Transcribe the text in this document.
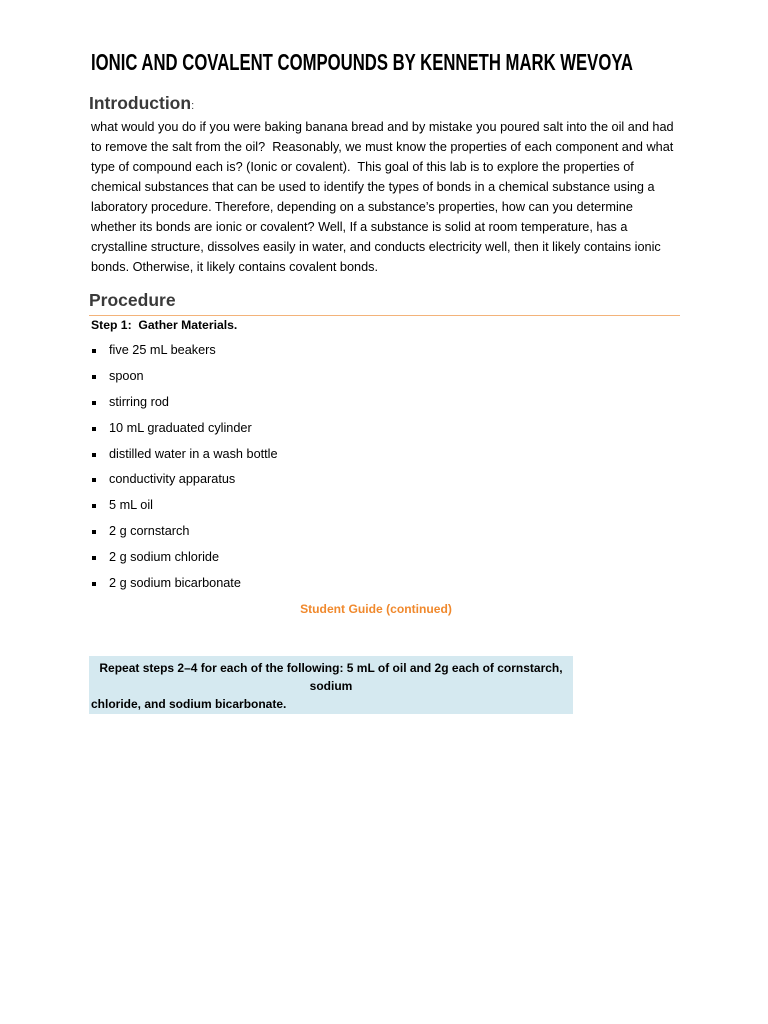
IONIC AND COVALENT COMPOUNDS BY KENNETH MARK WEVOYA
Introduction:
what would you do if you were baking banana bread and by mistake you poured salt into the oil and had
to remove the salt from the oil?  Reasonably, we must know the properties of each component and what
type of compound each is? (Ionic or covalent).  This goal of this lab is to explore the properties of
chemical substances that can be used to identify the types of bonds in a chemical substance using a
laboratory procedure. Therefore, depending on a substance’s properties, how can you determine
whether its bonds are ionic or covalent? Well, If a substance is solid at room temperature, has a
crystalline structure, dissolves easily in water, and conducts electricity well, then it likely contains ionic
bonds. Otherwise, it likely contains covalent bonds.
Procedure
Step 1:  Gather Materials.
five 25 mL beakers
spoon
stirring rod
10 mL graduated cylinder
distilled water in a wash bottle
conductivity apparatus
5 mL oil
2 g cornstarch
2 g sodium chloride
2 g sodium bicarbonate
Student Guide (continued)
Repeat steps 2–4 for each of the following: 5 mL of oil and 2g each of cornstarch,
sodium
chloride, and sodium bicarbonate.
